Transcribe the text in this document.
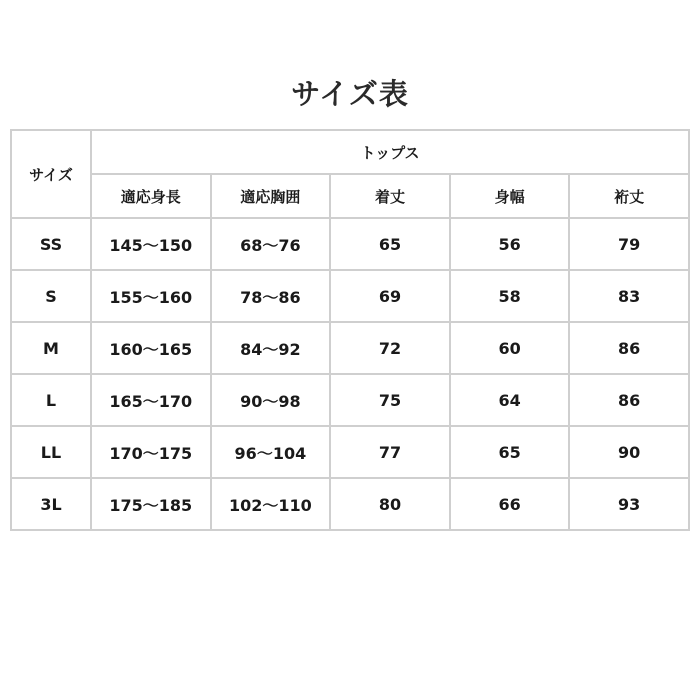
サイズ表
サイズ	トップス				
	適応身長	適応胸囲	着丈	身幅	裄丈
SS	145〜150	68〜76	65	56	79
S	155〜160	78〜86	69	58	83
M	160〜165	84〜92	72	60	86
L	165〜170	90〜98	75	64	86
LL	170〜175	96〜104	77	65	90
3L	175〜185	102〜110	80	66	93
